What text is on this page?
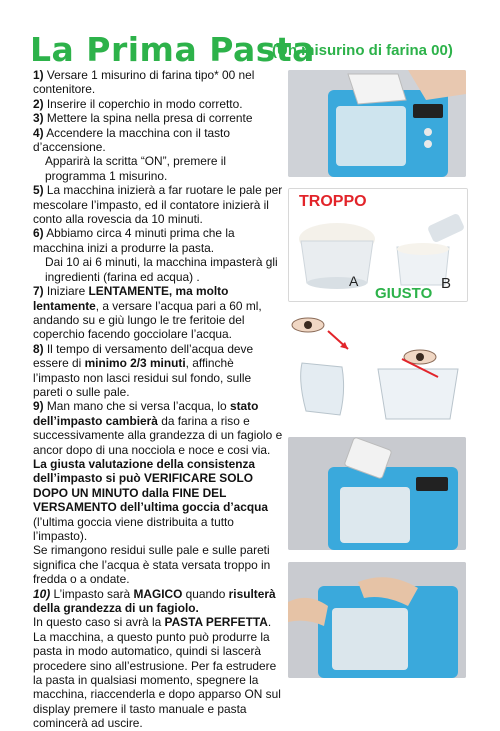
La Prima Pasta
(Un misurino di farina 00)

1) Versare 1 misurino di farina tipo* 00 nel contenitore.

2) Inserire il coperchio in modo corretto.

3) Mettere la spina nella presa di corrente

4) Accendere la macchina con il tasto d’accensione.

Apparirà la scritta “ON”, premere il programma 1 misurino.

5) La macchina inizierà a far ruotare le pale per mescolare l’impasto, ed il contatore inizierà il conto alla rovescia da 10 minuti.

6) Abbiamo circa 4 minuti prima che la macchina inizi a produrre la pasta.

Dai 10 ai 6 minuti, la macchina impasterà gli ingredienti (farina ed acqua) .

7) Iniziare LENTAMENTE, ma molto lentamente, a versare l’acqua pari a 60 ml, andando su e giù lungo le tre feritoie del coperchio facendo gocciolare l’acqua.

8) Il tempo di versamento dell’acqua deve essere di minimo 2/3 minuti, affinchè l’impasto non lasci residui sul fondo, sulle pareti o sulle pale.

9) Man mano che si versa l’acqua, lo stato dell’impasto cambierà da farina a riso e successivamente alla grandezza di un fagiolo e ancor dopo di una nocciola e noce e cosi via. La giusta valutazione della consistenza dell’impasto si può VERIFICARE SOLO DOPO UN MINUTO dalla FINE DEL VERSAMENTO dell’ultima goccia d’acqua (l’ultima goccia viene distribuita a tutto l’impasto).

Se rimangono residui sulle pale e sulle pareti significa che l’acqua è stata versata troppo in fredda o a ondate.

10) L’impasto sarà MAGICO quando risulterà della grandezza di un fagiolo.

In questo caso si avrà la PASTA PERFETTA.

La macchina, a questo punto può produrre la pasta in modo automatico, quindi si lascerà procedere sino all’estrusione. Per fa estrudere la pasta in qualsiasi momento, spegnere la macchina, riaccenderla e dopo apparso ON sul display premere il tasto manuale e pasta comincerà ad uscire.

TROPPO
GIUSTO
A	B
